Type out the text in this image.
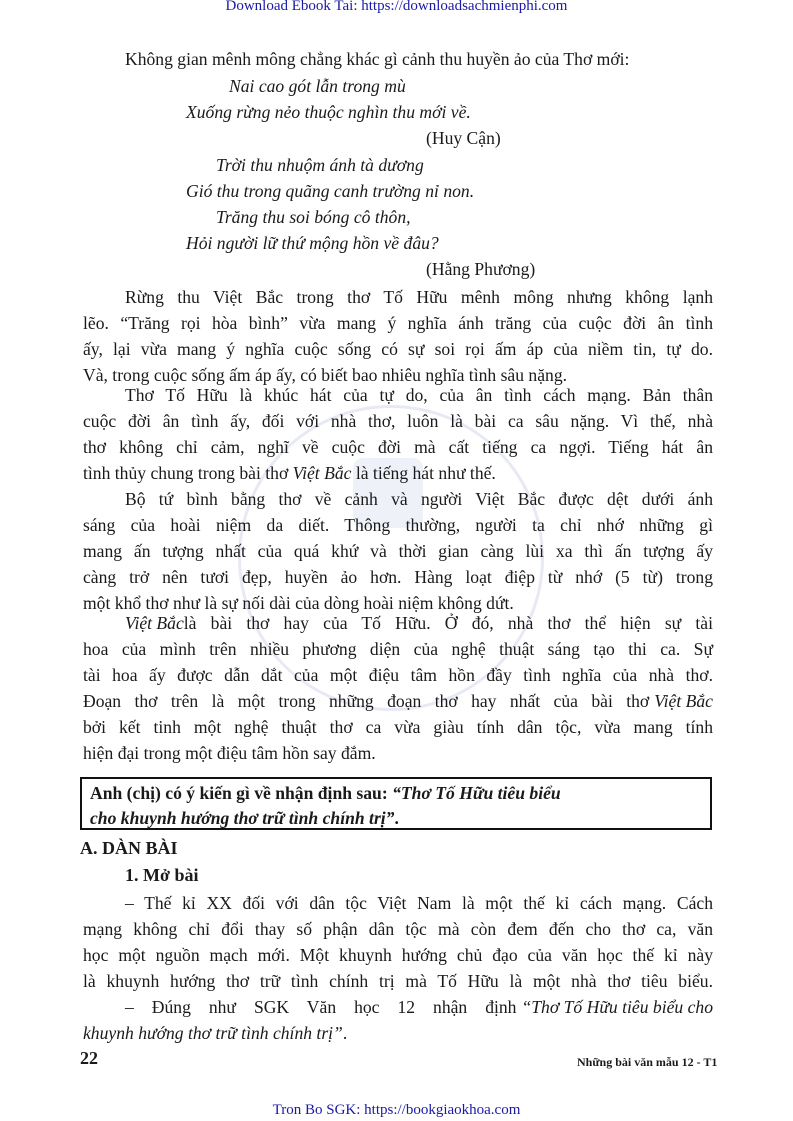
Download Ebook Tai: https://downloadsachmienphi.com
Không gian mênh mông chẳng khác gì cảnh thu huyền ảo của Thơ mới:
Nai cao gót lẫn trong mù
Xuống rừng nẻo thuộc nghìn thu mới về.
(Huy Cận)
Trời thu nhuộm ánh tà dương
Gió thu trong quãng canh trường nỉ non.
Trăng thu soi bóng cô thôn,
Hỏi người lữ thứ mộng hồn về đâu?
(Hằng Phương)
Rừng thu Việt Bắc trong thơ Tố Hữu mênh mông nhưng không lạnh
lẽo. “Trăng rọi hòa bình” vừa mang ý nghĩa ánh trăng của cuộc đời ân tình
ấy, lại vừa mang ý nghĩa cuộc sống có sự soi rọi ấm áp của niềm tin, tự do.
Và, trong cuộc sống ấm áp ấy, có biết bao nhiêu nghĩa tình sâu nặng.
Thơ Tố Hữu là khúc hát của tự do, của ân tình cách mạng. Bản thân
cuộc đời ân tình ấy, đối với nhà thơ, luôn là bài ca sâu nặng. Vì thế, nhà
thơ không chỉ cảm, nghĩ về cuộc đời mà cất tiếng ca ngợi. Tiếng hát ân
tình thủy chung trong bài thơ Việt Bắc là tiếng hát như thế.
Bộ tứ bình bằng thơ về cảnh và người Việt Bắc được dệt dưới ánh
sáng của hoài niệm da diết. Thông thường, người ta chỉ nhớ những gì
mang ấn tượng nhất của quá khứ và thời gian càng lùi xa thì ấn tượng ấy
càng trở nên tươi đẹp, huyền ảo hơn. Hàng loạt điệp từ nhớ (5 từ) trong
một khổ thơ như là sự nối dài của dòng hoài niệm không dứt.
Việt Bắc là bài thơ hay của Tố Hữu. Ở đó, nhà thơ thể hiện sự tài
hoa của mình trên nhiều phương diện của nghệ thuật sáng tạo thi ca. Sự
tài hoa ấy được dẫn dắt của một điệu tâm hồn đầy tình nghĩa của nhà thơ.
Đoạn thơ trên là một trong những đoạn thơ hay nhất của bài thơ Việt Bắc
bởi kết tinh một nghệ thuật thơ ca vừa giàu tính dân tộc, vừa mang tính
hiện đại trong một điệu tâm hồn say đắm.
Anh (chị) có ý kiến gì về nhận định sau: “Thơ Tố Hữu tiêu biểu
cho khuynh hướng thơ trữ tình chính trị”.
A. DÀN BÀI
1. Mở bài
– Thế kỉ XX đối với dân tộc Việt Nam là một thế kỉ cách mạng. Cách
mạng không chỉ đổi thay số phận dân tộc mà còn đem đến cho thơ ca, văn
học một nguồn mạch mới. Một khuynh hướng chủ đạo của văn học thế kỉ này
là khuynh hướng thơ trữ tình chính trị mà Tố Hữu là một nhà thơ tiêu biểu.
– Đúng như SGK Văn học 12 nhận định “Thơ Tố Hữu tiêu biểu cho
khuynh hướng thơ trữ tình chính trị”.
22	Những bài văn mẫu 12 - T1
Tron Bo SGK: https://bookgiaokhoa.com
